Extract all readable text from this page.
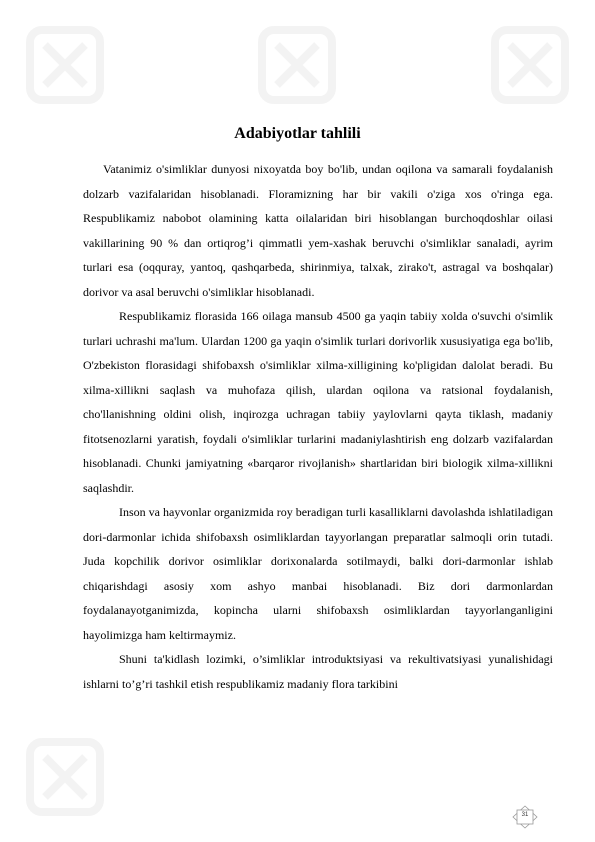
Adabiyotlar tahlili

Vatanimiz o'simliklar dunyosi nixoyatda boy bo'lib, undan oqilona va samarali foydalanish dolzarb vazifalaridan hisoblanadi. Floramizning har bir vakili o'ziga xos o'ringa ega. Respublikamiz nabobot olamining katta oilalaridan biri hisoblangan burchoqdoshlar oilasi vakillarining 90 % dan ortiqrog’i qimmatli yem-xashak beruvchi o'simliklar sanaladi, ayrim turlari esa (oqquray, yantoq, qashqarbeda, shirinmiya, talxak, zirako't, astragal va boshqalar) dorivor va asal beruvchi o'simliklar hisoblanadi.

Respublikamiz florasida 166 oilaga mansub 4500 ga yaqin tabiiy xolda o'suvchi o'simlik turlari uchrashi ma'lum. Ulardan 1200 ga yaqin o'simlik turlari dorivorlik xususiyatiga ega bo'lib, O'zbekiston florasidagi shifobaxsh o'simliklar xilma-xilligining ko'pligidan dalolat beradi. Bu xilma-xillikni saqlash va muhofaza qilish, ulardan oqilona va ratsional foydalanish, cho'llanishning oldini olish, inqirozga uchragan tabiiy yaylovlarni qayta tiklash, madaniy fitotsenozlarni yaratish, foydali o'simliklar turlarini madaniylashtirish eng dolzarb vazifalardan hisoblanadi. Chunki jamiyatning «barqaror rivojlanish» shartlaridan biri biologik xilma-xillikni saqlashdir.

Inson va hayvonlar organizmida roy beradigan turli kasalliklarni davolashda ishlatiladigan dori-darmonlar ichida shifobaxsh osimliklardan tayyorlangan preparatlar salmoqli orin tutadi. Juda kopchilik dorivor osimliklar dorixonalarda sotilmaydi, balki dori-darmonlar ishlab chiqarishdagi asosiy xom ashyo manbai hisoblanadi. Biz dori darmonlardan foydalanayotganimizda, kopincha ularni shifobaxsh osimliklardan tayyorlanganligini hayolimizga ham keltirmaymiz.

Shuni ta'kidlash lozimki, o’simliklar introduktsiyasi va rekultivatsiyasi yunalishidagi ishlarni to’g’ri tashkil etish respublikamiz madaniy flora tarkibini

31
